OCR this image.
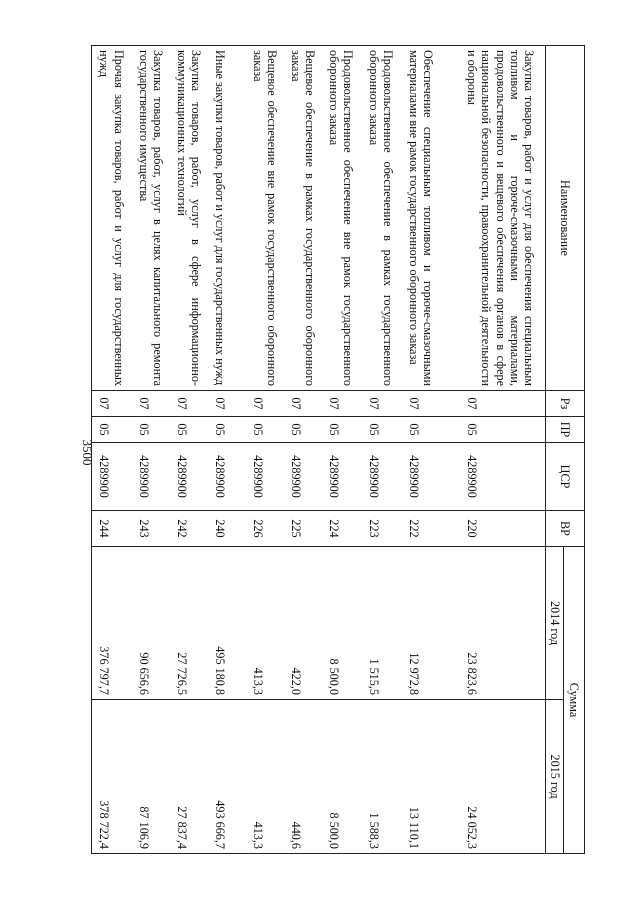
3500
Наименование	Рз	ПР	ЦСР	ВР	Сумма	
					2014 год	2015 год
Закупка товаров, работ и услуг для обеспечения специальным топливом и горюче-смазочными материалами, продовольственного и вещевого обеспечения органов в сфере национальной безопасности, правоохранительной деятельности и обороны	07	05	4289900	220	23 823,6	24 052,3
Обеспечение специальным топливом и горюче-смазочными материалами вне рамок государственного оборонного заказа	07	05	4289900	222	12 972,8	13 110,1
Продовольственное обеспечение в рамках государственного оборонного заказа	07	05	4289900	223	1 515,5	1 588,3
Продовольственное обеспечение вне рамок государственного оборонного заказа	07	05	4289900	224	8 500,0	8 500,0
Вещевое обеспечение в рамках государственного оборонного заказа	07	05	4289900	225	422,0	440,6
Вещевое обеспечение вне рамок государственного оборонного заказа	07	05	4289900	226	413,3	413,3
Иные закупки товаров, работ и услуг для государственных нужд	07	05	4289900	240	495 180,8	493 666,7
Закупка товаров, работ, услуг в сфере информационно-коммуникационных технологий	07	05	4289900	242	27 726,5	27 837,4
Закупка товаров, работ, услуг в целях капитального ремонта государственного имущества	07	05	4289900	243	90 656,6	87 106,9
Прочая закупка товаров, работ и услуг для государственных нужд	07	05	4289900	244	376 797,7	378 722,4
